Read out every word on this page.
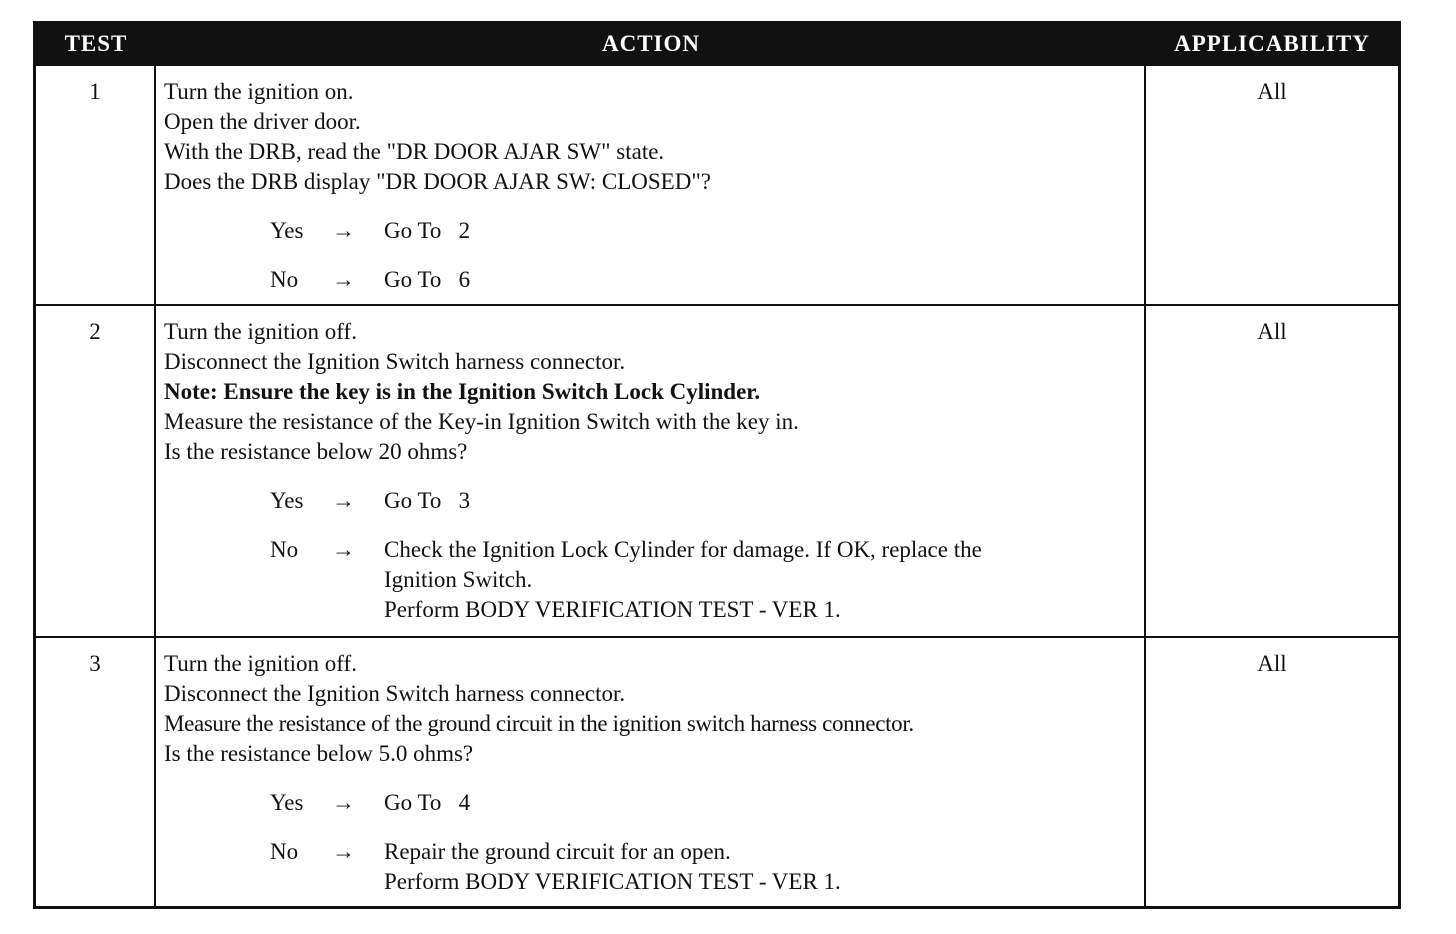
TEST	ACTION	APPLICABILITY
1	Turn the ignition on.
Open the driver door.
With the DRB, read the "DR DOOR AJAR SW" state.
Does the DRB display "DR DOOR AJAR SW: CLOSED"?
Yes	→	Go To   2
No	→	Go To   6
All
2	Turn the ignition off.
Disconnect the Ignition Switch harness connector.
Note: Ensure the key is in the Ignition Switch Lock Cylinder.
Measure the resistance of the Key-in Ignition Switch with the key in.
Is the resistance below 20 ohms?
Yes	→	Go To   3
No	→	Check the Ignition Lock Cylinder for damage. If OK, replace the
Ignition Switch.
Perform BODY VERIFICATION TEST - VER 1.
All
3	Turn the ignition off.
Disconnect the Ignition Switch harness connector.
Measure the resistance of the ground circuit in the ignition switch harness connector.
Is the resistance below 5.0 ohms?
Yes	→	Go To   4
No	→	Repair the ground circuit for an open.
Perform BODY VERIFICATION TEST - VER 1.
All
